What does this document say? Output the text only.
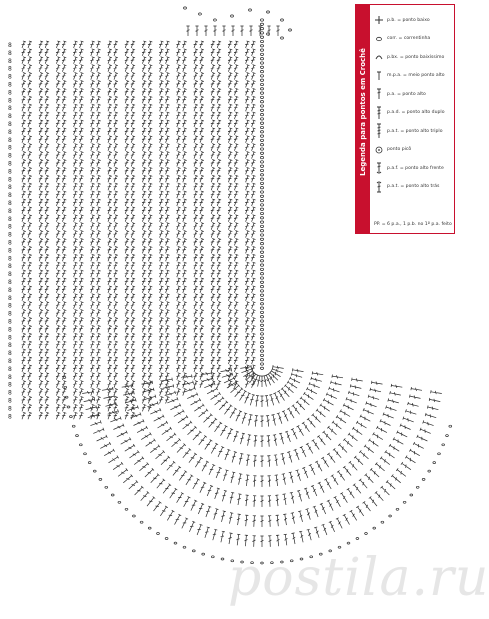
8
8
8
8
8
8
8
8
8
8
8
8
8
8
8
8
8
8
8
8
8
8
8
8
8
8
8
8
8
8
8
8
8
8
8
8
8
8
8
8
8
8
8
8
8
8
8
8
postila.ru
Legenda para pontos em Crochê
p.b. = ponto baixo
corr. = correntinha
p.bx. = ponto baixíssimo
m.p.a. = meio ponto alto
p.a. = ponto alto
p.a.d. = ponto alto duplo
p.a.t. = ponto alto triplo
ponto picô
p.a.f. = ponto alto frente
p.a.t. = ponto alto trás
PP. = 6 p.a., 1 p.b. no 1º p.a. feito
